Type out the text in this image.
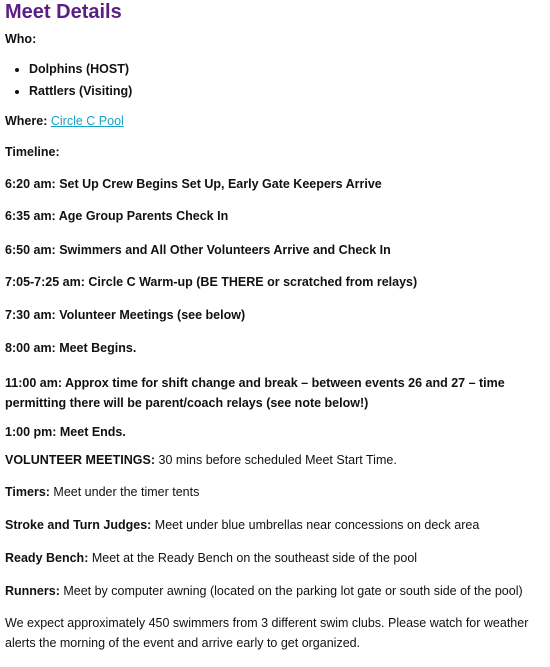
Meet Details
Who:
• Dolphins (HOST)
• Rattlers (Visiting)
Where: Circle C Pool
Timeline:
6:20 am: Set Up Crew Begins Set Up, Early Gate Keepers Arrive
6:35 am: Age Group Parents Check In
6:50 am: Swimmers and All Other Volunteers Arrive and Check In
7:05-7:25 am: Circle C Warm-up (BE THERE or scratched from relays)
7:30 am: Volunteer Meetings (see below)
8:00 am: Meet Begins.
11:00 am: Approx time for shift change and break – between events 26 and 27 – time permitting there will be parent/coach relays (see note below!)
1:00 pm: Meet Ends.
VOLUNTEER MEETINGS: 30 mins before scheduled Meet Start Time.
Timers: Meet under the timer tents
Stroke and Turn Judges: Meet under blue umbrellas near concessions on deck area
Ready Bench: Meet at the Ready Bench on the southeast side of the pool
Runners: Meet by computer awning (located on the parking lot gate or south side of the pool)
We expect approximately 450 swimmers from 3 different swim clubs. Please watch for weather alerts the morning of the event and arrive early to get organized.
